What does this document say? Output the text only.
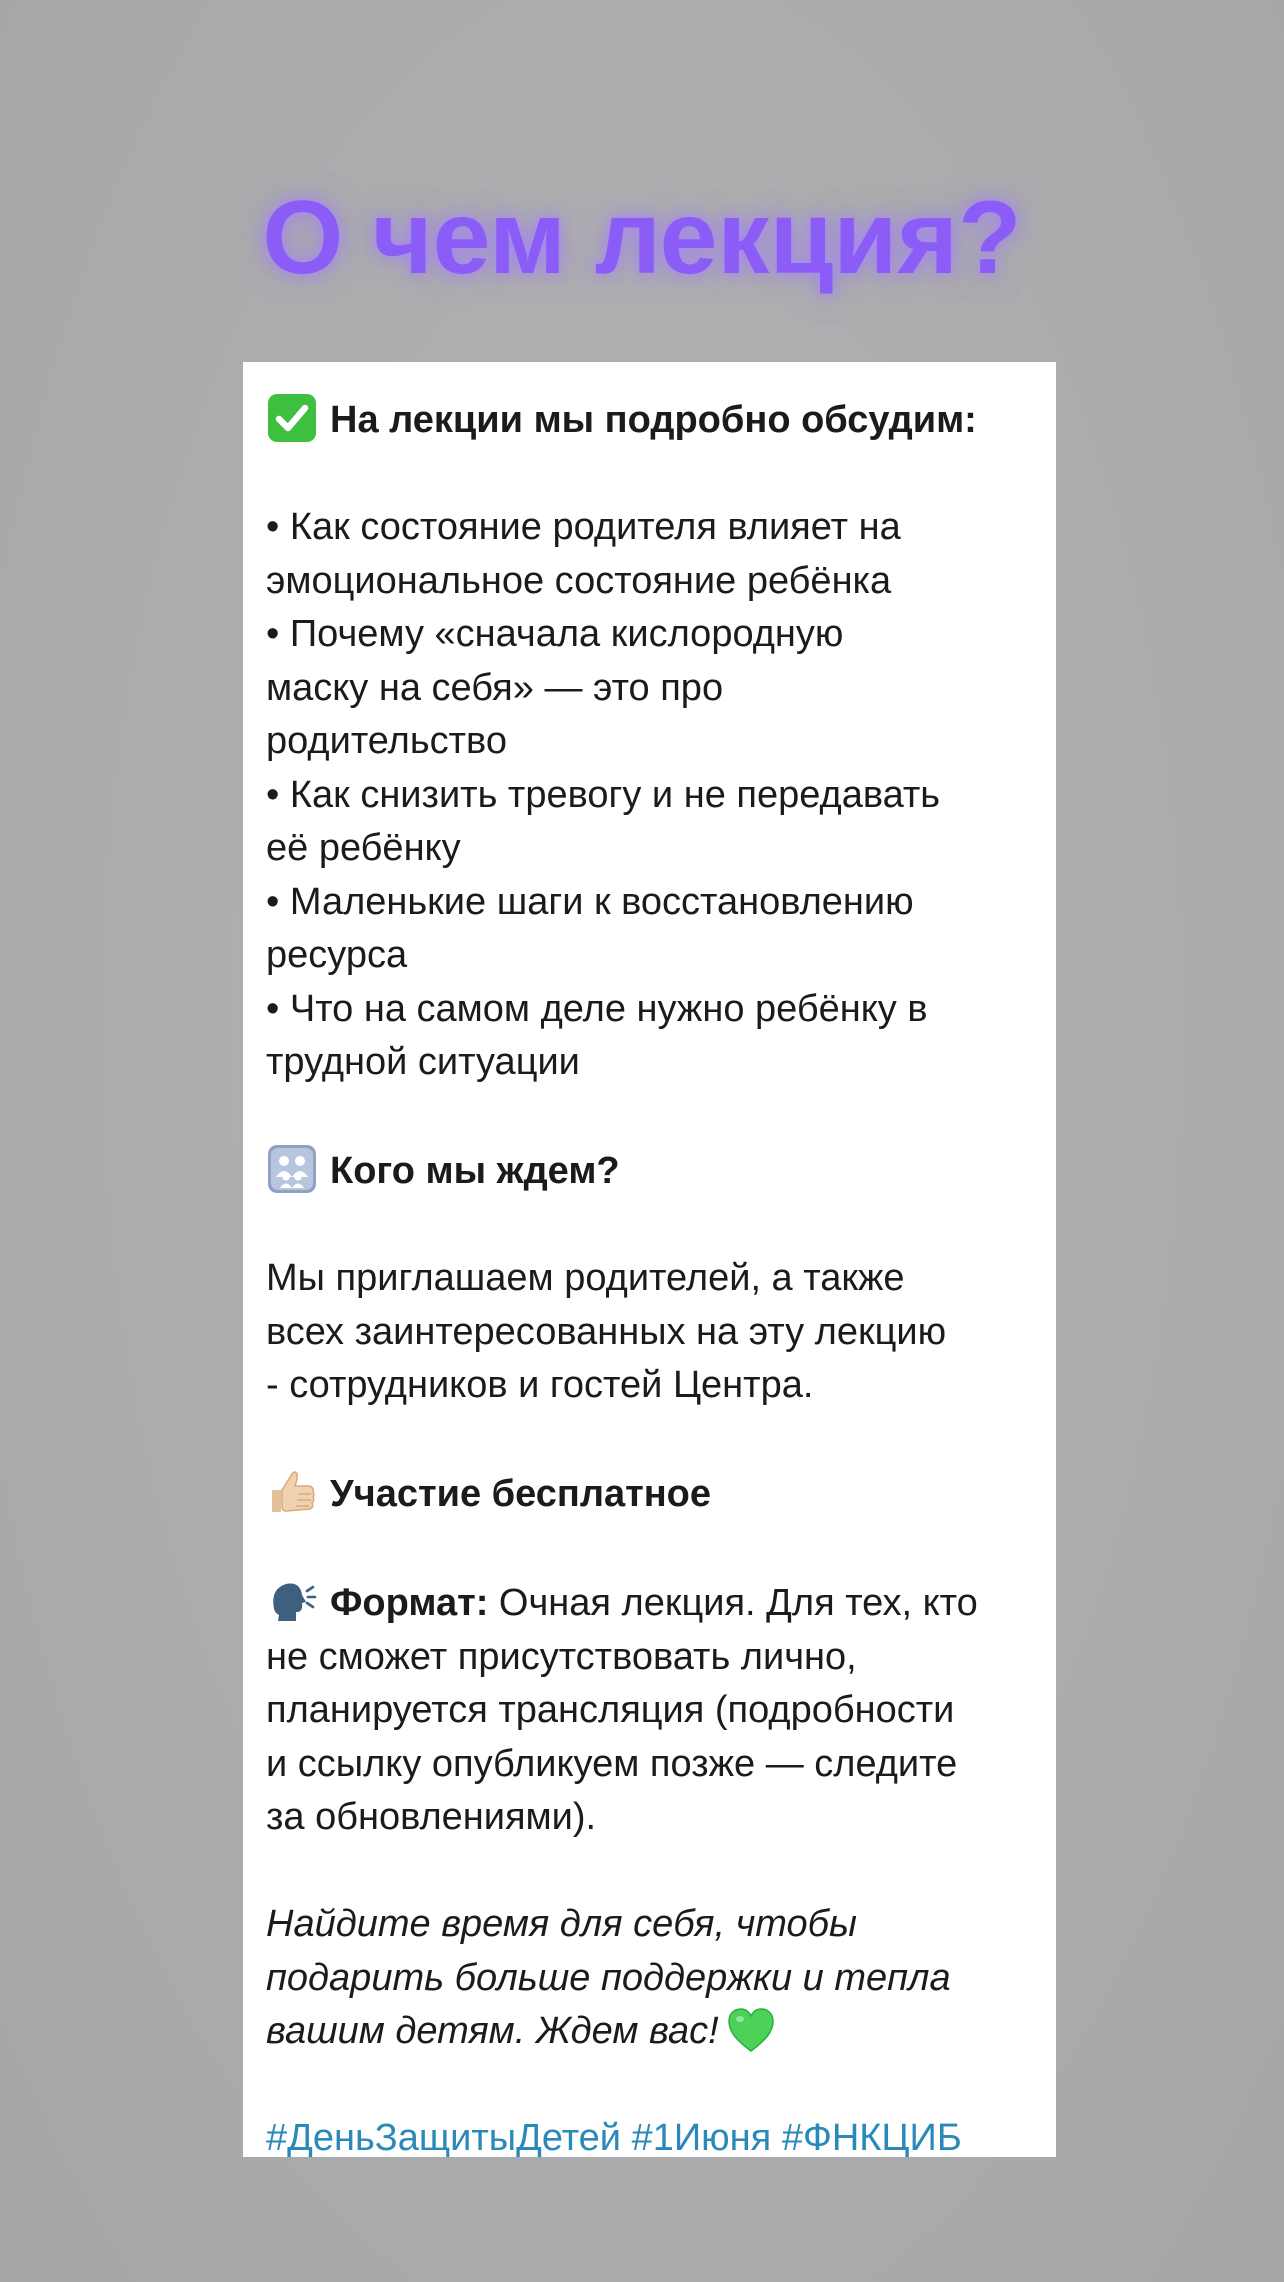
О чем лекция?

На лекции мы подробно обсудим:

• Как состояние родителя влияет на

эмоциональное состояние ребёнка

• Почему «сначала кислородную

маску на себя» — это про

родительство

• Как снизить тревогу и не передавать

её ребёнку

• Маленькие шаги к восстановлению

ресурса

• Что на самом деле нужно ребёнку в

трудной ситуации

Кого мы ждем?

Мы приглашаем родителей, а также

всех заинтересованных на эту лекцию

- сотрудников и гостей Центра.

Участие бесплатное

Формат: Очная лекция. Для тех, кто

не сможет присутствовать лично,

планируется трансляция (подробности

и ссылку опубликуем позже — следите

за обновлениями).

Найдите время для себя, чтобы

подарить больше поддержки и тепла

вашим детям. Ждем вас!

#ДеньЗащитыДетей #1Июня #ФНКЦИБ
